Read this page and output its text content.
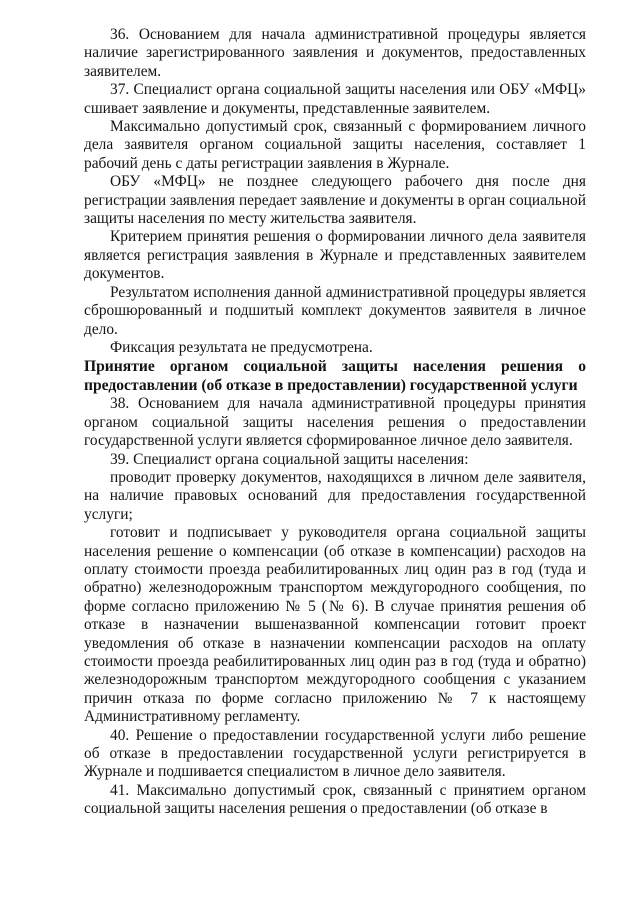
36. Основанием для начала административной процедуры является наличие зарегистрированного заявления и документов, предоставленных заявителем.

37. Специалист органа социальной защиты населения или ОБУ «МФЦ» сшивает заявление и документы, представленные заявителем.

Максимально допустимый срок, связанный с формированием личного дела заявителя органом социальной защиты населения, составляет 1 рабочий день с даты регистрации заявления в Журнале.

ОБУ «МФЦ» не позднее следующего рабочего дня после дня регистрации заявления передает заявление и документы в орган социальной защиты населения по месту жительства заявителя.

Критерием принятия решения о формировании личного дела заявителя является регистрация заявления в Журнале и представленных заявителем документов.

Результатом исполнения данной административной процедуры является сброшюрованный и подшитый комплект документов заявителя в личное дело.

Фиксация результата не предусмотрена.

Принятие органом социальной защиты населения решения о предоставлении (об отказе в предоставлении) государственной услуги

38. Основанием для начала административной процедуры принятия органом социальной защиты населения решения о предоставлении государственной услуги является сформированное личное дело заявителя.

39. Специалист органа социальной защиты населения:

проводит проверку документов, находящихся в личном деле заявителя, на наличие правовых оснований для предоставления государственной услуги;

готовит и подписывает у руководителя органа социальной защиты населения решение о компенсации (об отказе в компенсации) расходов на оплату стоимости проезда реабилитированных лиц один раз в год (туда и обратно) железнодорожным транспортом междугородного сообщения, по форме согласно приложению № 5 (№ 6). В случае принятия решения об отказе в назначении вышеназванной компенсации готовит проект уведомления об отказе в назначении компенсации расходов на оплату стоимости проезда реабилитированных лиц один раз в год (туда и обратно) железнодорожным транспортом междугородного сообщения с указанием причин отказа по форме согласно приложению № 7 к настоящему Административному регламенту.

40. Решение о предоставлении государственной услуги либо решение об отказе в предоставлении государственной услуги регистрируется в Журнале и подшивается специалистом в личное дело заявителя.

41. Максимально допустимый срок, связанный с принятием органом социальной защиты населения решения о предоставлении (об отказе в
